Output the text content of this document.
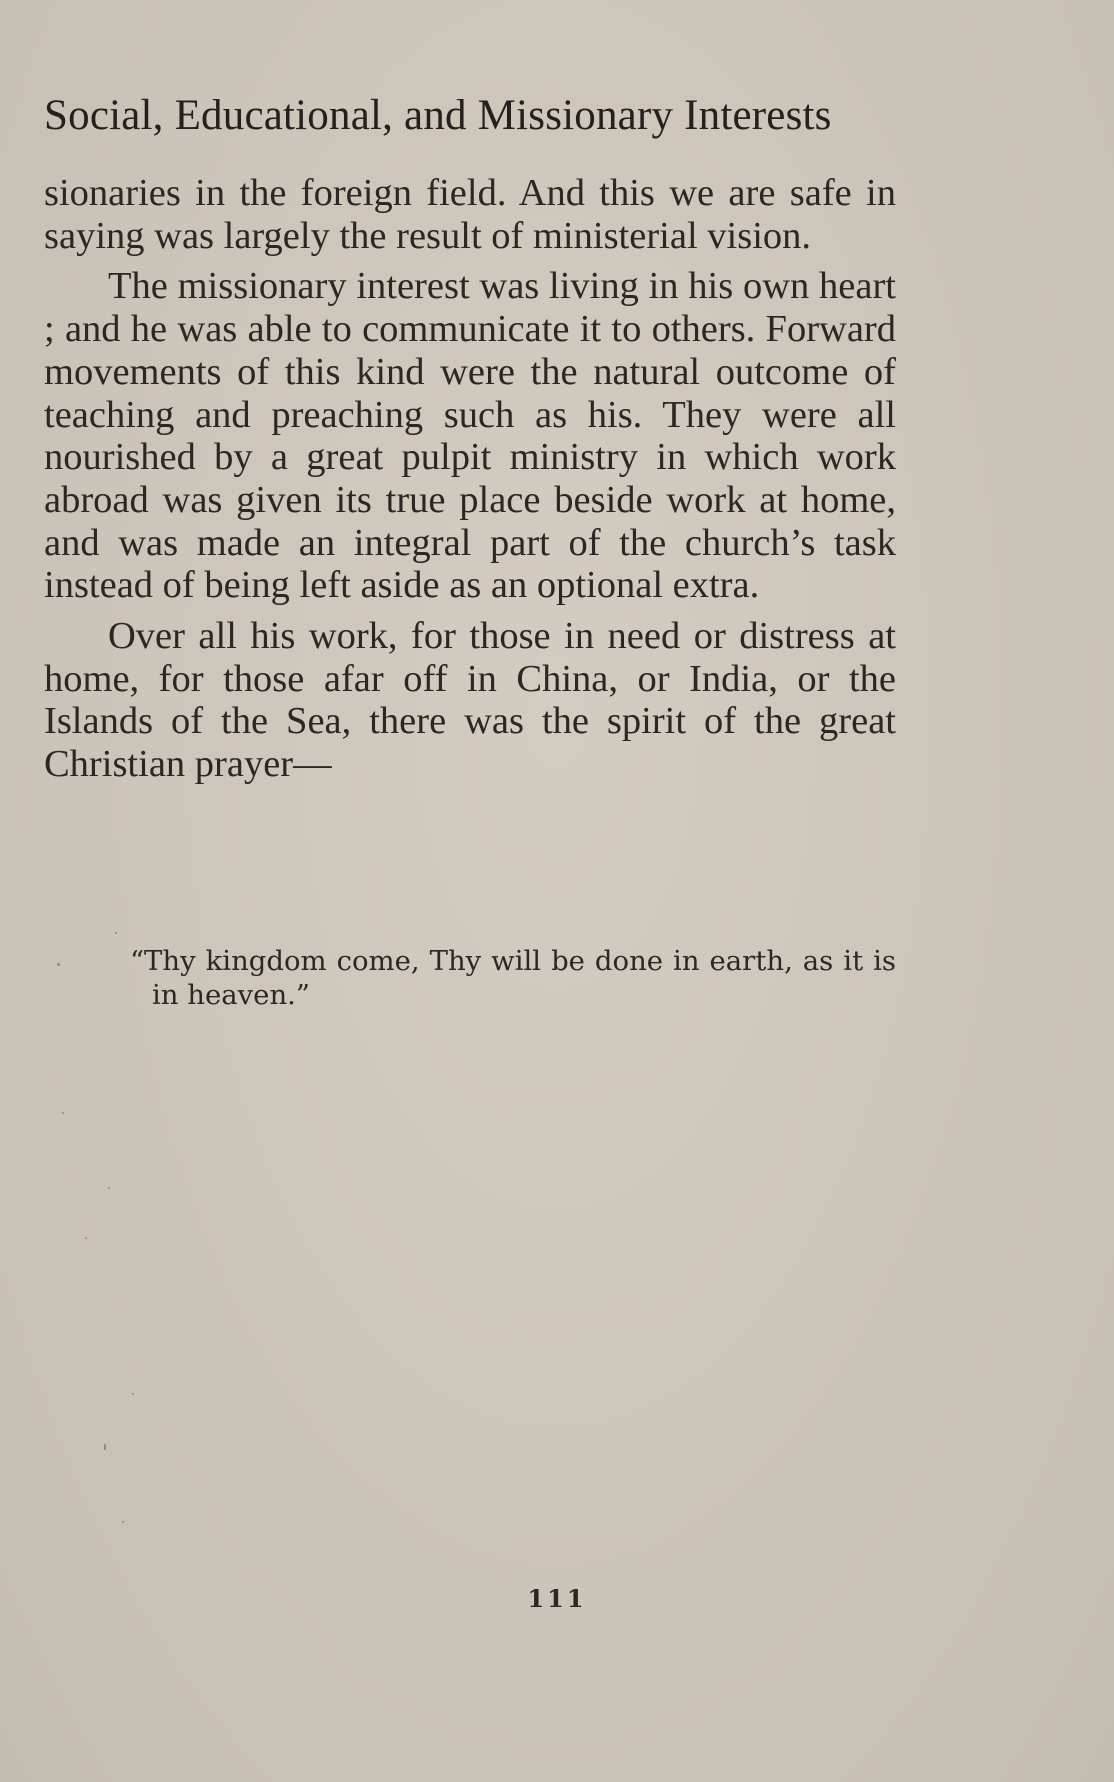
Social, Educational, and Missionary Interests

sionaries in the foreign field. And this we are safe in saying was largely the result of ministerial vision.

The missionary interest was living in his own heart ; and he was able to communicate it to others. Forward movements of this kind were the natural outcome of teaching and preaching such as his. They were all nourished by a great pulpit ministry in which work abroad was given its true place beside work at home, and was made an integral part of the church’s task instead of being left aside as an optional extra.

Over all his work, for those in need or distress at home, for those afar off in China, or India, or the Islands of the Sea, there was the spirit of the great Christian prayer—

“Thy kingdom come, Thy will be done in earth, as it is in heaven.”

111
